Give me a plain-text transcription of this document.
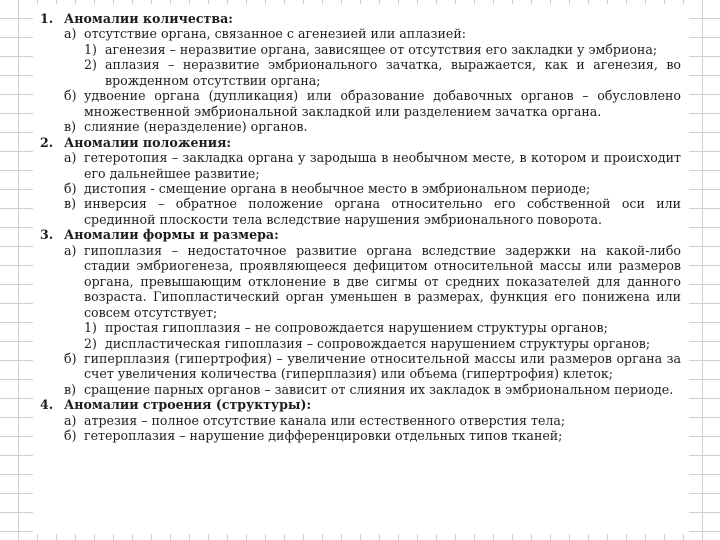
1. Аномалии количества:
а) отсутствие органа, связанное с агенезией или аплазией:
1) агенезия – неразвитие органа, зависящее от отсутствия его закладки у эмбриона;
2) аплазия – неразвитие эмбрионального зачатка, выражается, как и агенезия, во врожденном отсутствии органа;
б) удвоение органа (дупликация) или образование добавочных органов – обусловлено множественной эмбриональной закладкой или разделением зачатка органа.
в) слияние (неразделение) органов.
2. Аномалии положения:
а) гетеротопия – закладка органа у зародыша в необычном месте, в котором и происходит его дальнейшее развитие;
б) дистопия - смещение органа в необычное место в эмбриональном периоде;
в) инверсия – обратное положение органа относительно его собственной оси или срединной плоскости тела вследствие нарушения эмбрионального поворота.
3. Аномалии формы и размера:
а) гипоплазия – недостаточное развитие органа вследствие задержки на какой-либо стадии эмбриогенеза, проявляющееся дефицитом относительной массы или размеров органа, превышающим отклонение в две сигмы от средних показателей для данного возраста. Гипопластический орган уменьшен в размерах, функция его понижена или совсем отсутствует;
1) простая гипоплазия – не сопровождается нарушением структуры органов;
2) диспластическая гипоплазия – сопровождается нарушением структуры органов;
б) гиперплазия (гипертрофия) – увеличение относительной массы или размеров органа за счет увеличения количества (гиперплазия) или объема (гипертрофия) клеток;
в) сращение парных органов – зависит от слияния их закладок в эмбриональном периоде.
4. Аномалии строения (структуры):
а) атрезия – полное отсутствие канала или естественного отверстия тела;
б) гетероплазия – нарушение дифференцировки отдельных типов тканей;
